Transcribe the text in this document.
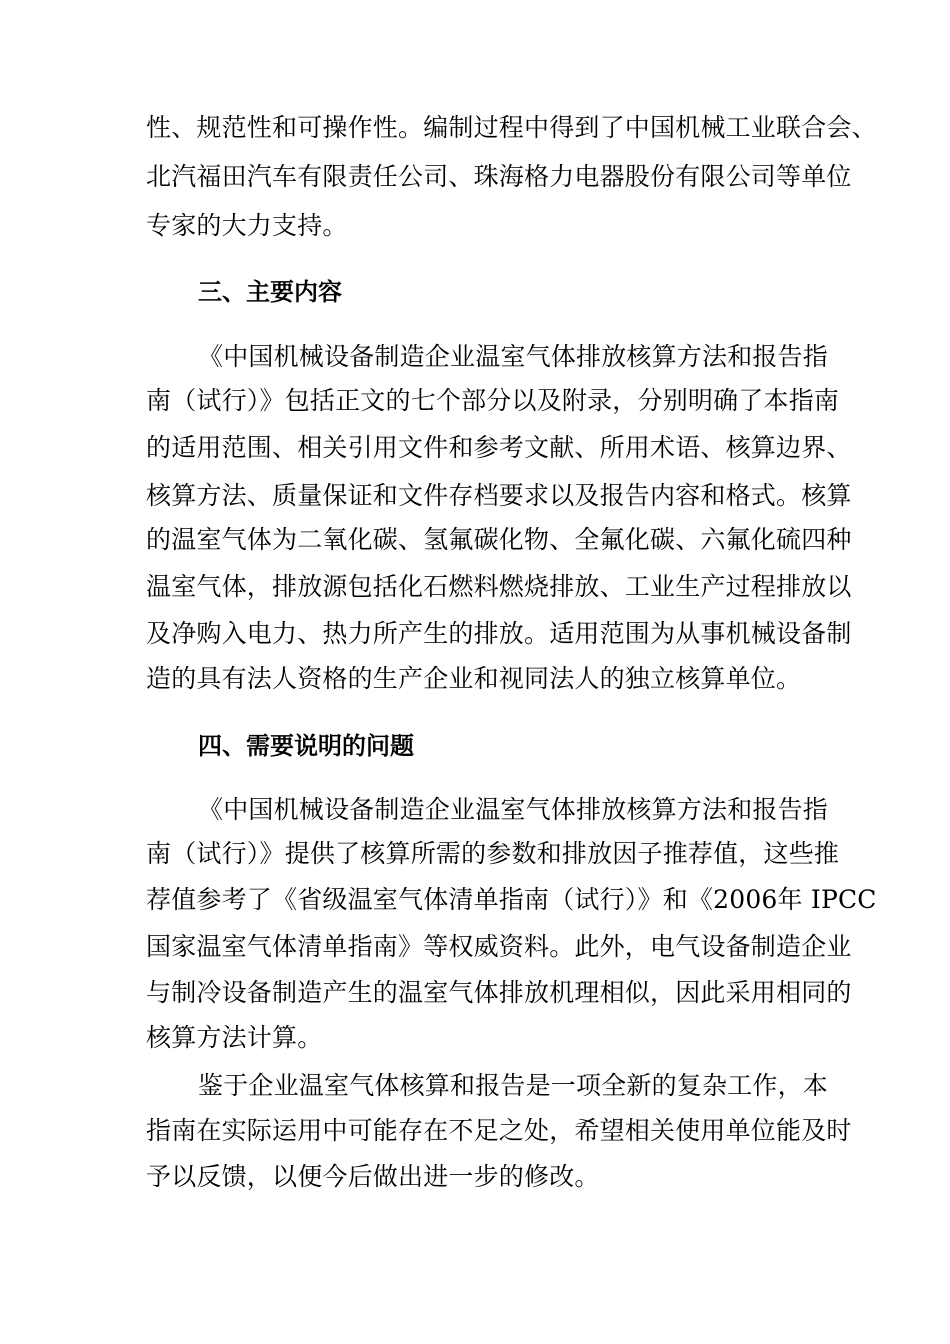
性、规范性和可操作性。编制过程中得到了中国机械工业联合会、
北汽福田汽车有限责任公司、珠海格力电器股份有限公司等单位
专家的大力支持。
三、主要内容
《中国机械设备制造企业温室气体排放核算方法和报告指
南（试行）》包括正文的七个部分以及附录，分别明确了本指南
的适用范围、相关引用文件和参考文献、所用术语、核算边界、
核算方法、质量保证和文件存档要求以及报告内容和格式。核算
的温室气体为二氧化碳、氢氟碳化物、全氟化碳、六氟化硫四种
温室气体，排放源包括化石燃料燃烧排放、工业生产过程排放以
及净购入电力、热力所产生的排放。适用范围为从事机械设备制
造的具有法人资格的生产企业和视同法人的独立核算单位。
四、需要说明的问题
《中国机械设备制造企业温室气体排放核算方法和报告指
南（试行）》提供了核算所需的参数和排放因子推荐值，这些推
荐值参考了《省级温室气体清单指南（试行）》和《2006年 IPCC
国家温室气体清单指南》等权威资料。此外，电气设备制造企业
与制冷设备制造产生的温室气体排放机理相似，因此采用相同的
核算方法计算。
鉴于企业温室气体核算和报告是一项全新的复杂工作，本
指南在实际运用中可能存在不足之处，希望相关使用单位能及时
予以反馈，以便今后做出进一步的修改。
